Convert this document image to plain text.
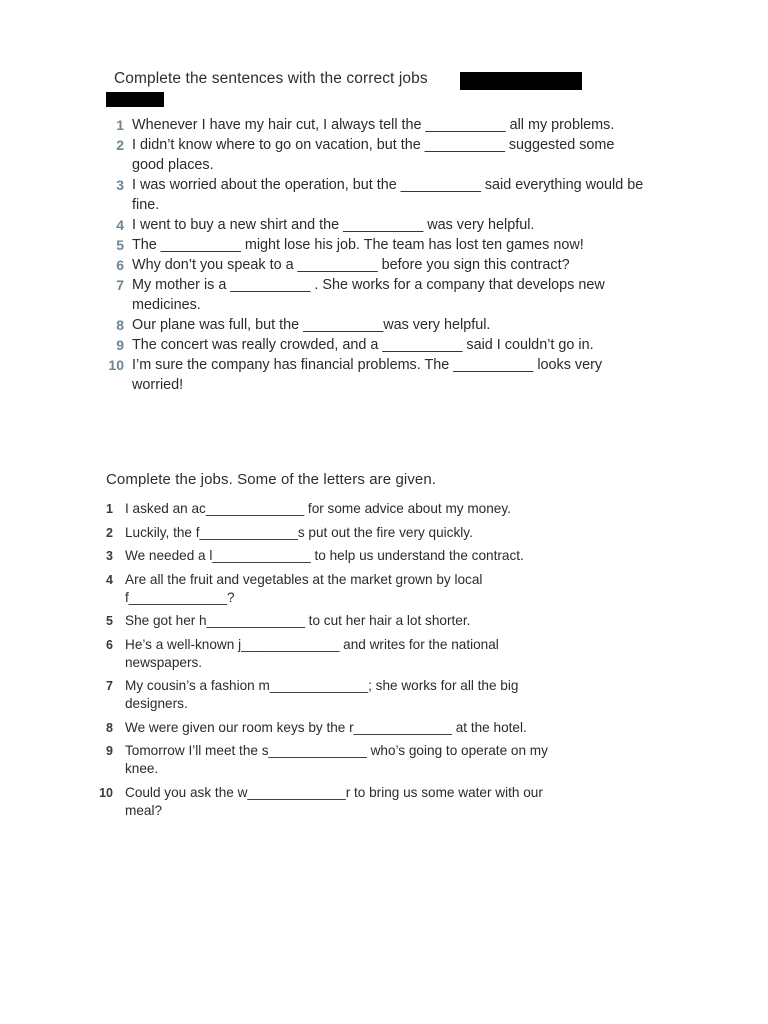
Complete the sentences with the correct jobs
1 Whenever I have my hair cut, I always tell the __________ all my problems.
2 I didn’t know where to go on vacation, but the __________ suggested some good places.
3 I was worried about the operation, but the __________ said everything would be fine.
4 I went to buy a new shirt and the __________ was very helpful.
5 The __________ might lose his job. The team has lost ten games now!
6 Why don’t you speak to a __________ before you sign this contract?
7 My mother is a __________ . She works for a company that develops new medicines.
8 Our plane was full, but the __________was very helpful.
9 The concert was really crowded, and a __________ said I couldn’t go in.
10 I’m sure the company has financial problems. The __________ looks very worried!
Complete the jobs. Some of the letters are given.
1 I asked an ac_____________ for some advice about my money.
2 Luckily, the f_____________s put out the fire very quickly.
3 We needed a l_____________ to help us understand the contract.
4 Are all the fruit and vegetables at the market grown by local f_____________?
5 She got her h_____________ to cut her hair a lot shorter.
6 He’s a well-known j_____________ and writes for the national newspapers.
7 My cousin’s a fashion m_____________; she works for all the big designers.
8 We were given our room keys by the r_____________ at the hotel.
9 Tomorrow I’ll meet the s_____________ who’s going to operate on my knee.
10 Could you ask the w_____________r to bring us some water with our meal?
